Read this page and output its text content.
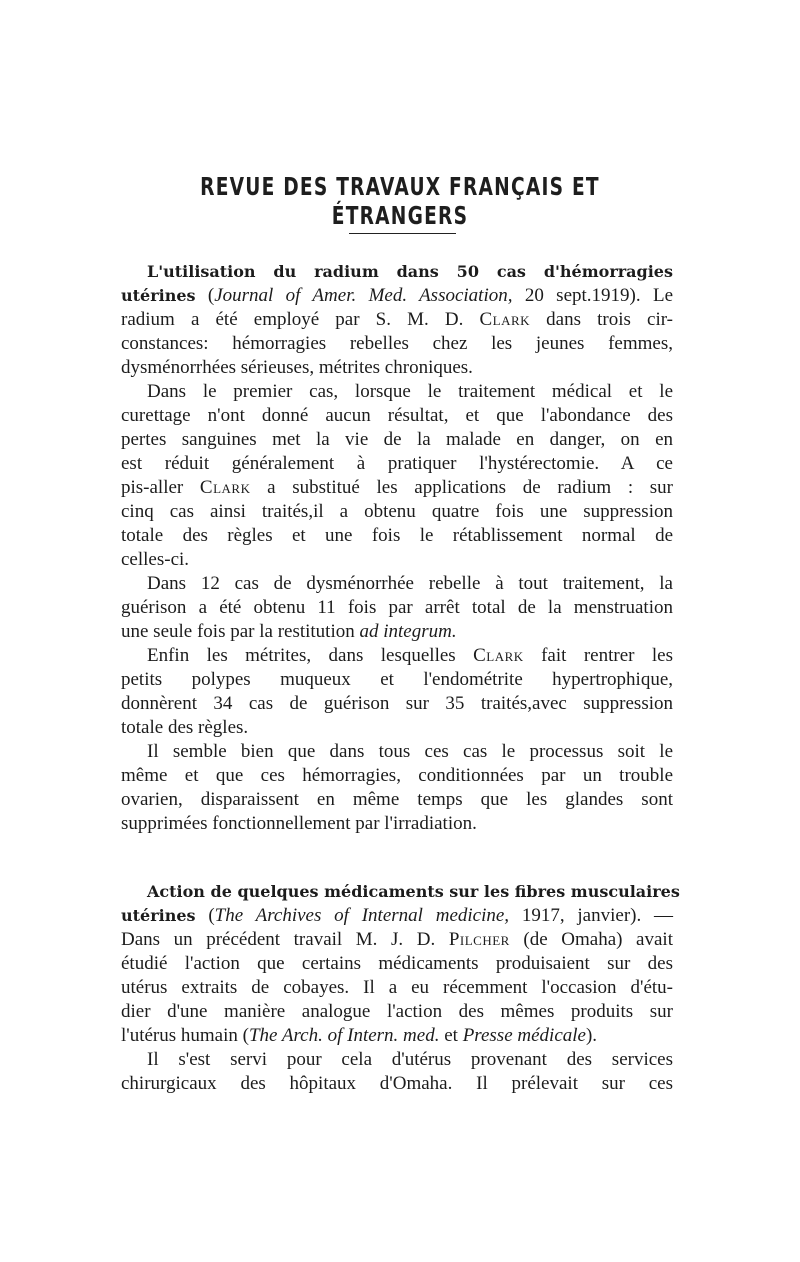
REVUE DES TRAVAUX FRANÇAIS ET ÉTRANGERS
L'utilisation du radium dans 50 cas d'hémorragies
utérines (Journal of Amer. Med. Association, 20 sept.1919). Le
radium a été employé par S. M. D. Clark dans trois cir-
constances: hémorragies rebelles chez les jeunes femmes,
dysménorrhées sérieuses, métrites chroniques.
Dans le premier cas, lorsque le traitement médical et le
curettage n'ont donné aucun résultat, et que l'abondance des
pertes sanguines met la vie de la malade en danger, on en
est réduit généralement à pratiquer l'hystérectomie. A ce
pis-aller Clark a substitué les applications de radium : sur
cinq cas ainsi traités,il a obtenu quatre fois une suppression
totale des règles et une fois le rétablissement normal de
celles-ci.
Dans 12 cas de dysménorrhée rebelle à tout traitement, la
guérison a été obtenu 11 fois par arrêt total de la menstruation
une seule fois par la restitution ad integrum.
Enfin les métrites, dans lesquelles Clark fait rentrer les
petits polypes muqueux et l'endométrite hypertrophique,
donnèrent 34 cas de guérison sur 35 traités,avec suppression
totale des règles.
Il semble bien que dans tous ces cas le processus soit le
même et que ces hémorragies, conditionnées par un trouble
ovarien, disparaissent en même temps que les glandes sont
supprimées fonctionnellement par l'irradiation.
Action de quelques médicaments sur les fibres musculaires
utérines (The Archives of Internal medicine, 1917, janvier). —
Dans un précédent travail M. J. D. Pilcher (de Omaha) avait
étudié l'action que certains médicaments produisaient sur des
utérus extraits de cobayes. Il a eu récemment l'occasion d'étu-
dier d'une manière analogue l'action des mêmes produits sur
l'utérus humain (The Arch. of Intern. med. et Presse médicale).
Il s'est servi pour cela d'utérus provenant des services
chirurgicaux des hôpitaux d'Omaha. Il prélevait sur ces
